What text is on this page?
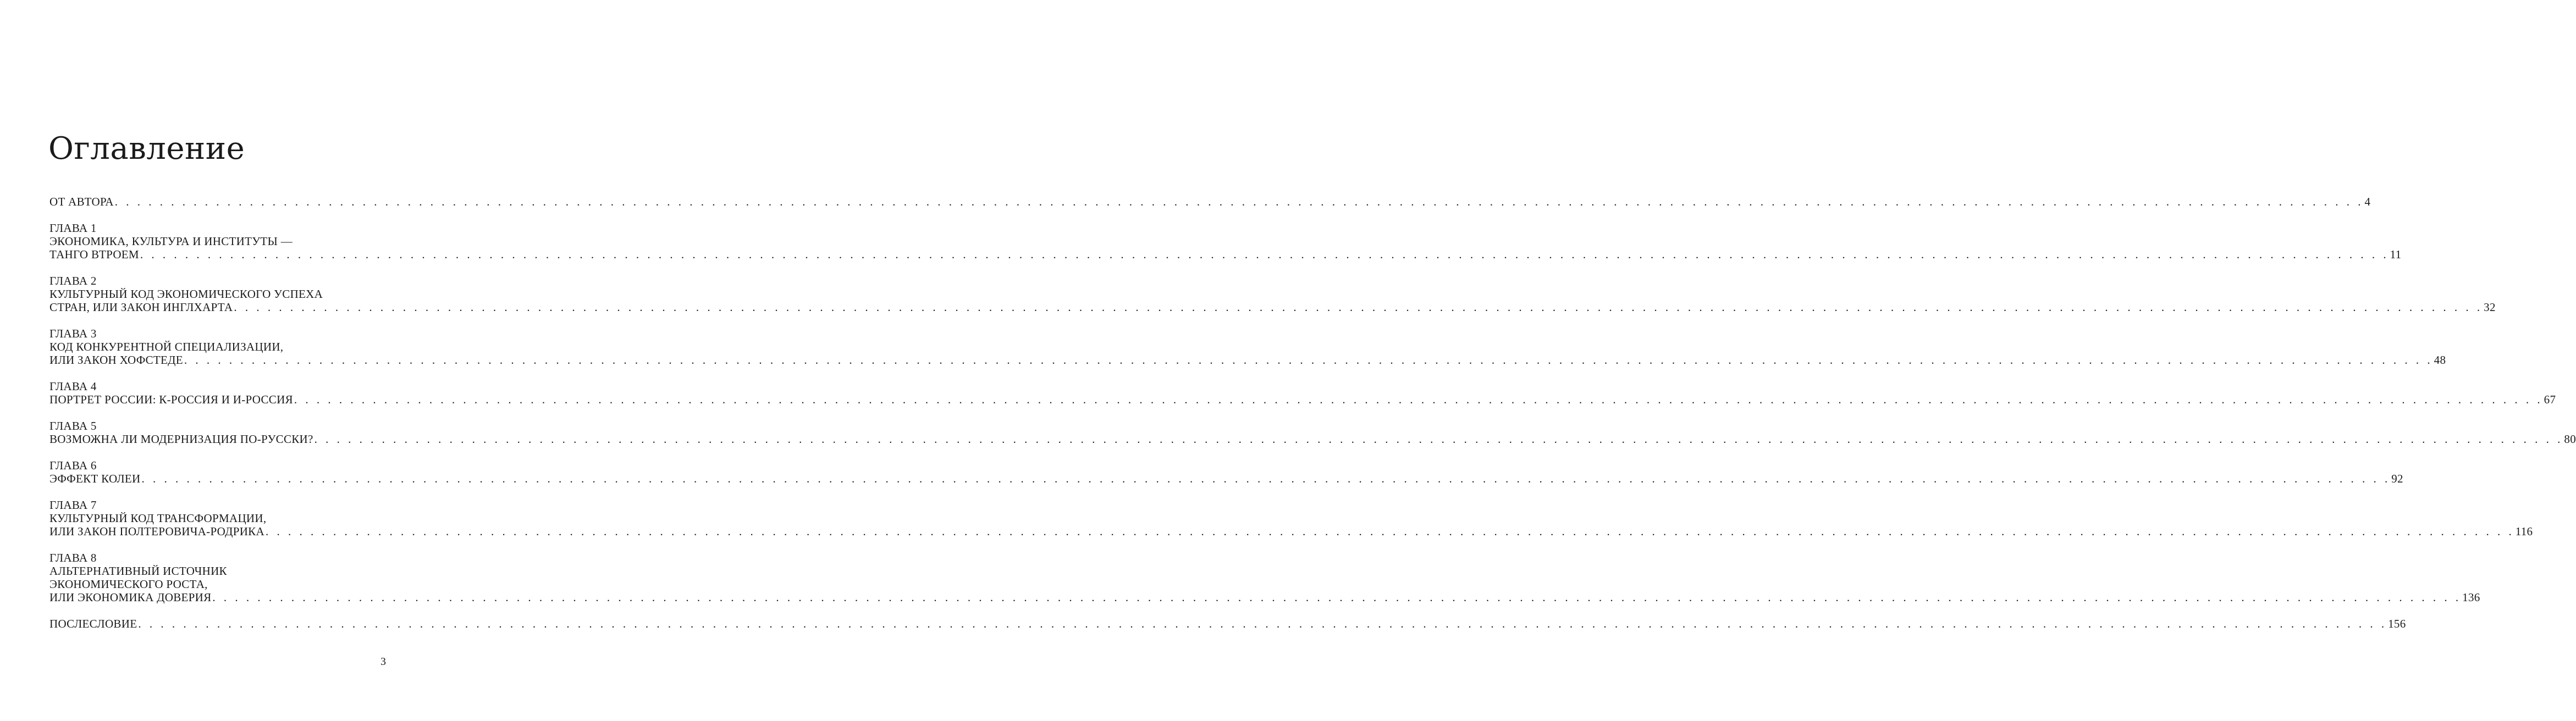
Оглавление
ОТ АВТОРА . . . . . . . . . . . . . . . . . . . . . . . . . . . . . . . . . . . . . . . . . . . . . . . . . . . . . . . . . . . . . . . . . . . . . . . . . . . . . . . . . . . . . . . . . . . . . . . . . . . . . . . . . . . . . . . . . . . . . . . . . . . . . . . . . . . . . . . . . . . . . . . . . . . . . . . . . . . . . . . . . . . . . . . . . . . . . . . . . . . . . . . . . . . . . . . . . . . . . . . . 4
ГЛАВА 1
ЭКОНОМИКА, КУЛЬТУРА И ИНСТИТУТЫ —
ТАНГО ВТРОЕМ . . . . . . . . . . . . . . . . . . . . . . . . . . . . . . . . . . . . . . . . . . . . . . . . . . . . . . . . . . . . . . . . . . . . . . . . . . . . . . . . . . . . . . . . . . . . . . . . . . . . . . . . . . . . . . . . . . . . . . . . . . . . . . . . . . . . . . . . . . . . . . . . . . . . . . . . . . . . . . . . . . . . . . . . . . . . . . . . . . . . . . . . . . . . . . . . . . . . . . . . 11
ГЛАВА 2
КУЛЬТУРНЫЙ КОД ЭКОНОМИЧЕСКОГО УСПЕХА
СТРАН, ИЛИ ЗАКОН ИНГЛХАРТА . . . . . . . . . . . . . . . . . . . . . . . . . . . . . . . . . . . . . . . . . . . . . . . . . . . . . . . . . . . . . . . . . . . . . . . . . . . . . . . . . . . . . . . . . . . . . . . . . . . . . . . . . . . . . . . . . . . . . . . . . . . . . . . . . . . . . . . . . . . . . . . . . . . . . . . . . . . . . . . . . . . . . . . . . . . . . . . . . . . . . . . . . . . . . . . . . . . . . . . . 32
ГЛАВА 3
КОД КОНКУРЕНТНОЙ СПЕЦИАЛИЗАЦИИ,
ИЛИ ЗАКОН ХОФСТЕДЕ . . . . . . . . . . . . . . . . . . . . . . . . . . . . . . . . . . . . . . . . . . . . . . . . . . . . . . . . . . . . . . . . . . . . . . . . . . . . . . . . . . . . . . . . . . . . . . . . . . . . . . . . . . . . . . . . . . . . . . . . . . . . . . . . . . . . . . . . . . . . . . . . . . . . . . . . . . . . . . . . . . . . . . . . . . . . . . . . . . . . . . . . . . . . . . . . . . . . . . . . 48
ГЛАВА 4
ПОРТРЕТ РОССИИ: К-РОССИЯ И И-РОССИЯ . . . . . . . . . . . . . . . . . . . . . . . . . . . . . . . . . . . . . . . . . . . . . . . . . . . . . . . . . . . . . . . . . . . . . . . . . . . . . . . . . . . . . . . . . . . . . . . . . . . . . . . . . . . . . . . . . . . . . . . . . . . . . . . . . . . . . . . . . . . . . . . . . . . . . . . . . . . . . . . . . . . . . . . . . . . . . . . . . . . . . . . . . . . . . . . . . . . . . . . . 67
ГЛАВА 5
ВОЗМОЖНА ЛИ МОДЕРНИЗАЦИЯ ПО-РУССКИ? . . . . . . . . . . . . . . . . . . . . . . . . . . . . . . . . . . . . . . . . . . . . . . . . . . . . . . . . . . . . . . . . . . . . . . . . . . . . . . . . . . . . . . . . . . . . . . . . . . . . . . . . . . . . . . . . . . . . . . . . . . . . . . . . . . . . . . . . . . . . . . . . . . . . . . . . . . . . . . . . . . . . . . . . . . . . . . . . . . . . . . . . . . . . . . . . . . . . . . . . 80
ГЛАВА 6
ЭФФЕКТ КОЛЕИ . . . . . . . . . . . . . . . . . . . . . . . . . . . . . . . . . . . . . . . . . . . . . . . . . . . . . . . . . . . . . . . . . . . . . . . . . . . . . . . . . . . . . . . . . . . . . . . . . . . . . . . . . . . . . . . . . . . . . . . . . . . . . . . . . . . . . . . . . . . . . . . . . . . . . . . . . . . . . . . . . . . . . . . . . . . . . . . . . . . . . . . . . . . . . . . . . . . . . . . . 92
ГЛАВА 7
КУЛЬТУРНЫЙ КОД ТРАНСФОРМАЦИИ,
ИЛИ ЗАКОН ПОЛТЕРОВИЧА-РОДРИКА . . . . . . . . . . . . . . . . . . . . . . . . . . . . . . . . . . . . . . . . . . . . . . . . . . . . . . . . . . . . . . . . . . . . . . . . . . . . . . . . . . . . . . . . . . . . . . . . . . . . . . . . . . . . . . . . . . . . . . . . . . . . . . . . . . . . . . . . . . . . . . . . . . . . . . . . . . . . . . . . . . . . . . . . . . . . . . . . . . . . . . . . . . . . . . . . . . . . . . . . 116
ГЛАВА 8
АЛЬТЕРНАТИВНЫЙ ИСТОЧНИК
ЭКОНОМИЧЕСКОГО РОСТА,
ИЛИ ЭКОНОМИКА ДОВЕРИЯ . . . . . . . . . . . . . . . . . . . . . . . . . . . . . . . . . . . . . . . . . . . . . . . . . . . . . . . . . . . . . . . . . . . . . . . . . . . . . . . . . . . . . . . . . . . . . . . . . . . . . . . . . . . . . . . . . . . . . . . . . . . . . . . . . . . . . . . . . . . . . . . . . . . . . . . . . . . . . . . . . . . . . . . . . . . . . . . . . . . . . . . . . . . . . . . . . . . . . . . . 136
ПОСЛЕСЛОВИЕ . . . . . . . . . . . . . . . . . . . . . . . . . . . . . . . . . . . . . . . . . . . . . . . . . . . . . . . . . . . . . . . . . . . . . . . . . . . . . . . . . . . . . . . . . . . . . . . . . . . . . . . . . . . . . . . . . . . . . . . . . . . . . . . . . . . . . . . . . . . . . . . . . . . . . . . . . . . . . . . . . . . . . . . . . . . . . . . . . . . . . . . . . . . . . . . . . . . . . . . . 156
3
